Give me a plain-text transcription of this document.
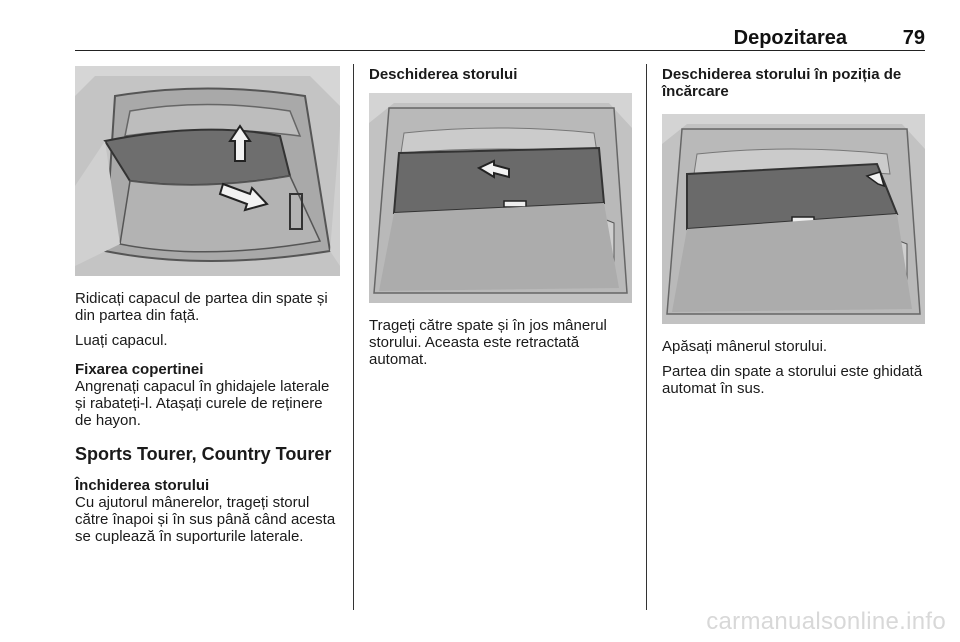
Depozitarea	79

Ridicați capacul de partea din spate și din partea din față.

Luați capacul.

Fixarea copertinei

Angrenați capacul în ghidajele laterale și rabateți-l. Atașați curele de reținere de hayon.

Sports Tourer, Country Tourer

Închiderea storului

Cu ajutorul mânerelor, trageți storul către înapoi și în sus până când acesta se cuplează în suporturile laterale.

Deschiderea storului

Trageți către spate și în jos mânerul storului. Aceasta este retractată automat.

Deschiderea storului în poziția de încărcare

Apăsați mânerul storului.

Partea din spate a storului este ghidată automat în sus.

carmanualsonline.info
